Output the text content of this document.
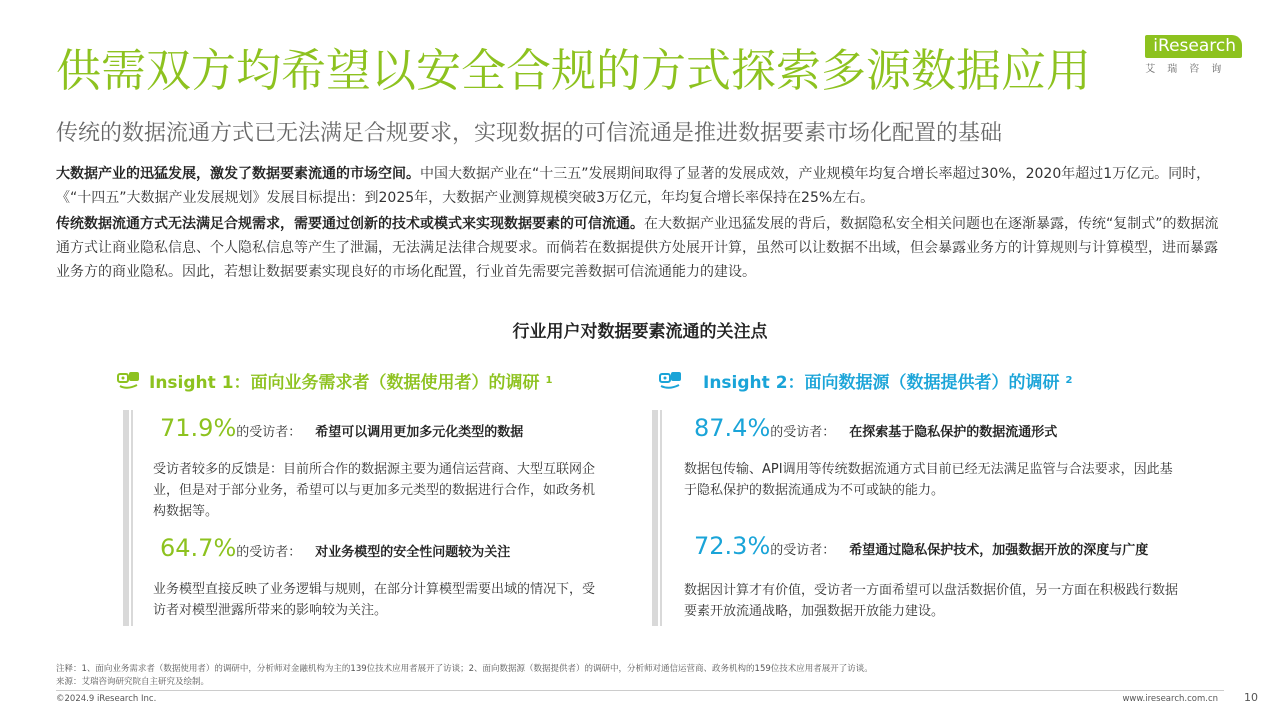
iResearch
艾瑞咨询
供需双方均希望以安全合规的方式探索多源数据应用
传统的数据流通方式已无法满足合规要求，实现数据的可信流通是推进数据要素市场化配置的基础
大数据产业的迅猛发展，激发了数据要素流通的市场空间。中国大数据产业在“十三五”发展期间取得了显著的发展成效，产业规模年均复合增长率超过30%，2020年超过1万亿元。同时，《“十四五”大数据产业发展规划》发展目标提出：到2025年，大数据产业测算规模突破3万亿元，年均复合增长率保持在25%左右。
传统数据流通方式无法满足合规需求，需要通过创新的技术或模式来实现数据要素的可信流通。在大数据产业迅猛发展的背后，数据隐私安全相关问题也在逐渐暴露，传统“复制式”的数据流通方式让商业隐私信息、个人隐私信息等产生了泄漏，无法满足法律合规要求。而倘若在数据提供方处展开计算，虽然可以让数据不出域，但会暴露业务方的计算规则与计算模型，进而暴露业务方的商业隐私。因此，若想让数据要素实现良好的市场化配置，行业首先需要完善数据可信流通能力的建设。
行业用户对数据要素流通的关注点
Insight 1：面向业务需求者（数据使用者）的调研 1
71.9% 的受访者： 希望可以调用更加多元化类型的数据
受访者较多的反馈是：目前所合作的数据源主要为通信运营商、大型互联网企业，但是对于部分业务，希望可以与更加多元类型的数据进行合作，如政务机构数据等。
64.7% 的受访者： 对业务模型的安全性问题较为关注
业务模型直接反映了业务逻辑与规则，在部分计算模型需要出域的情况下，受访者对模型泄露所带来的影响较为关注。
Insight 2：面向数据源（数据提供者）的调研 2
87.4% 的受访者： 在探索基于隐私保护的数据流通形式
数据包传输、API调用等传统数据流通方式目前已经无法满足监管与合法要求，因此基于隐私保护的数据流通成为不可或缺的能力。
72.3% 的受访者： 希望通过隐私保护技术，加强数据开放的深度与广度
数据因计算才有价值，受访者一方面希望可以盘活数据价值，另一方面在积极践行数据要素开放流通战略，加强数据开放能力建设。
注释：1、面向业务需求者（数据使用者）的调研中，分析师对金融机构为主的139位技术应用者展开了访谈；2、面向数据源（数据提供者）的调研中，分析师对通信运营商、政务机构的159位技术应用者展开了访谈。
来源：艾瑞咨询研究院自主研究及绘制。
©2024.9 iResearch Inc.	www.iresearch.com.cn 10
